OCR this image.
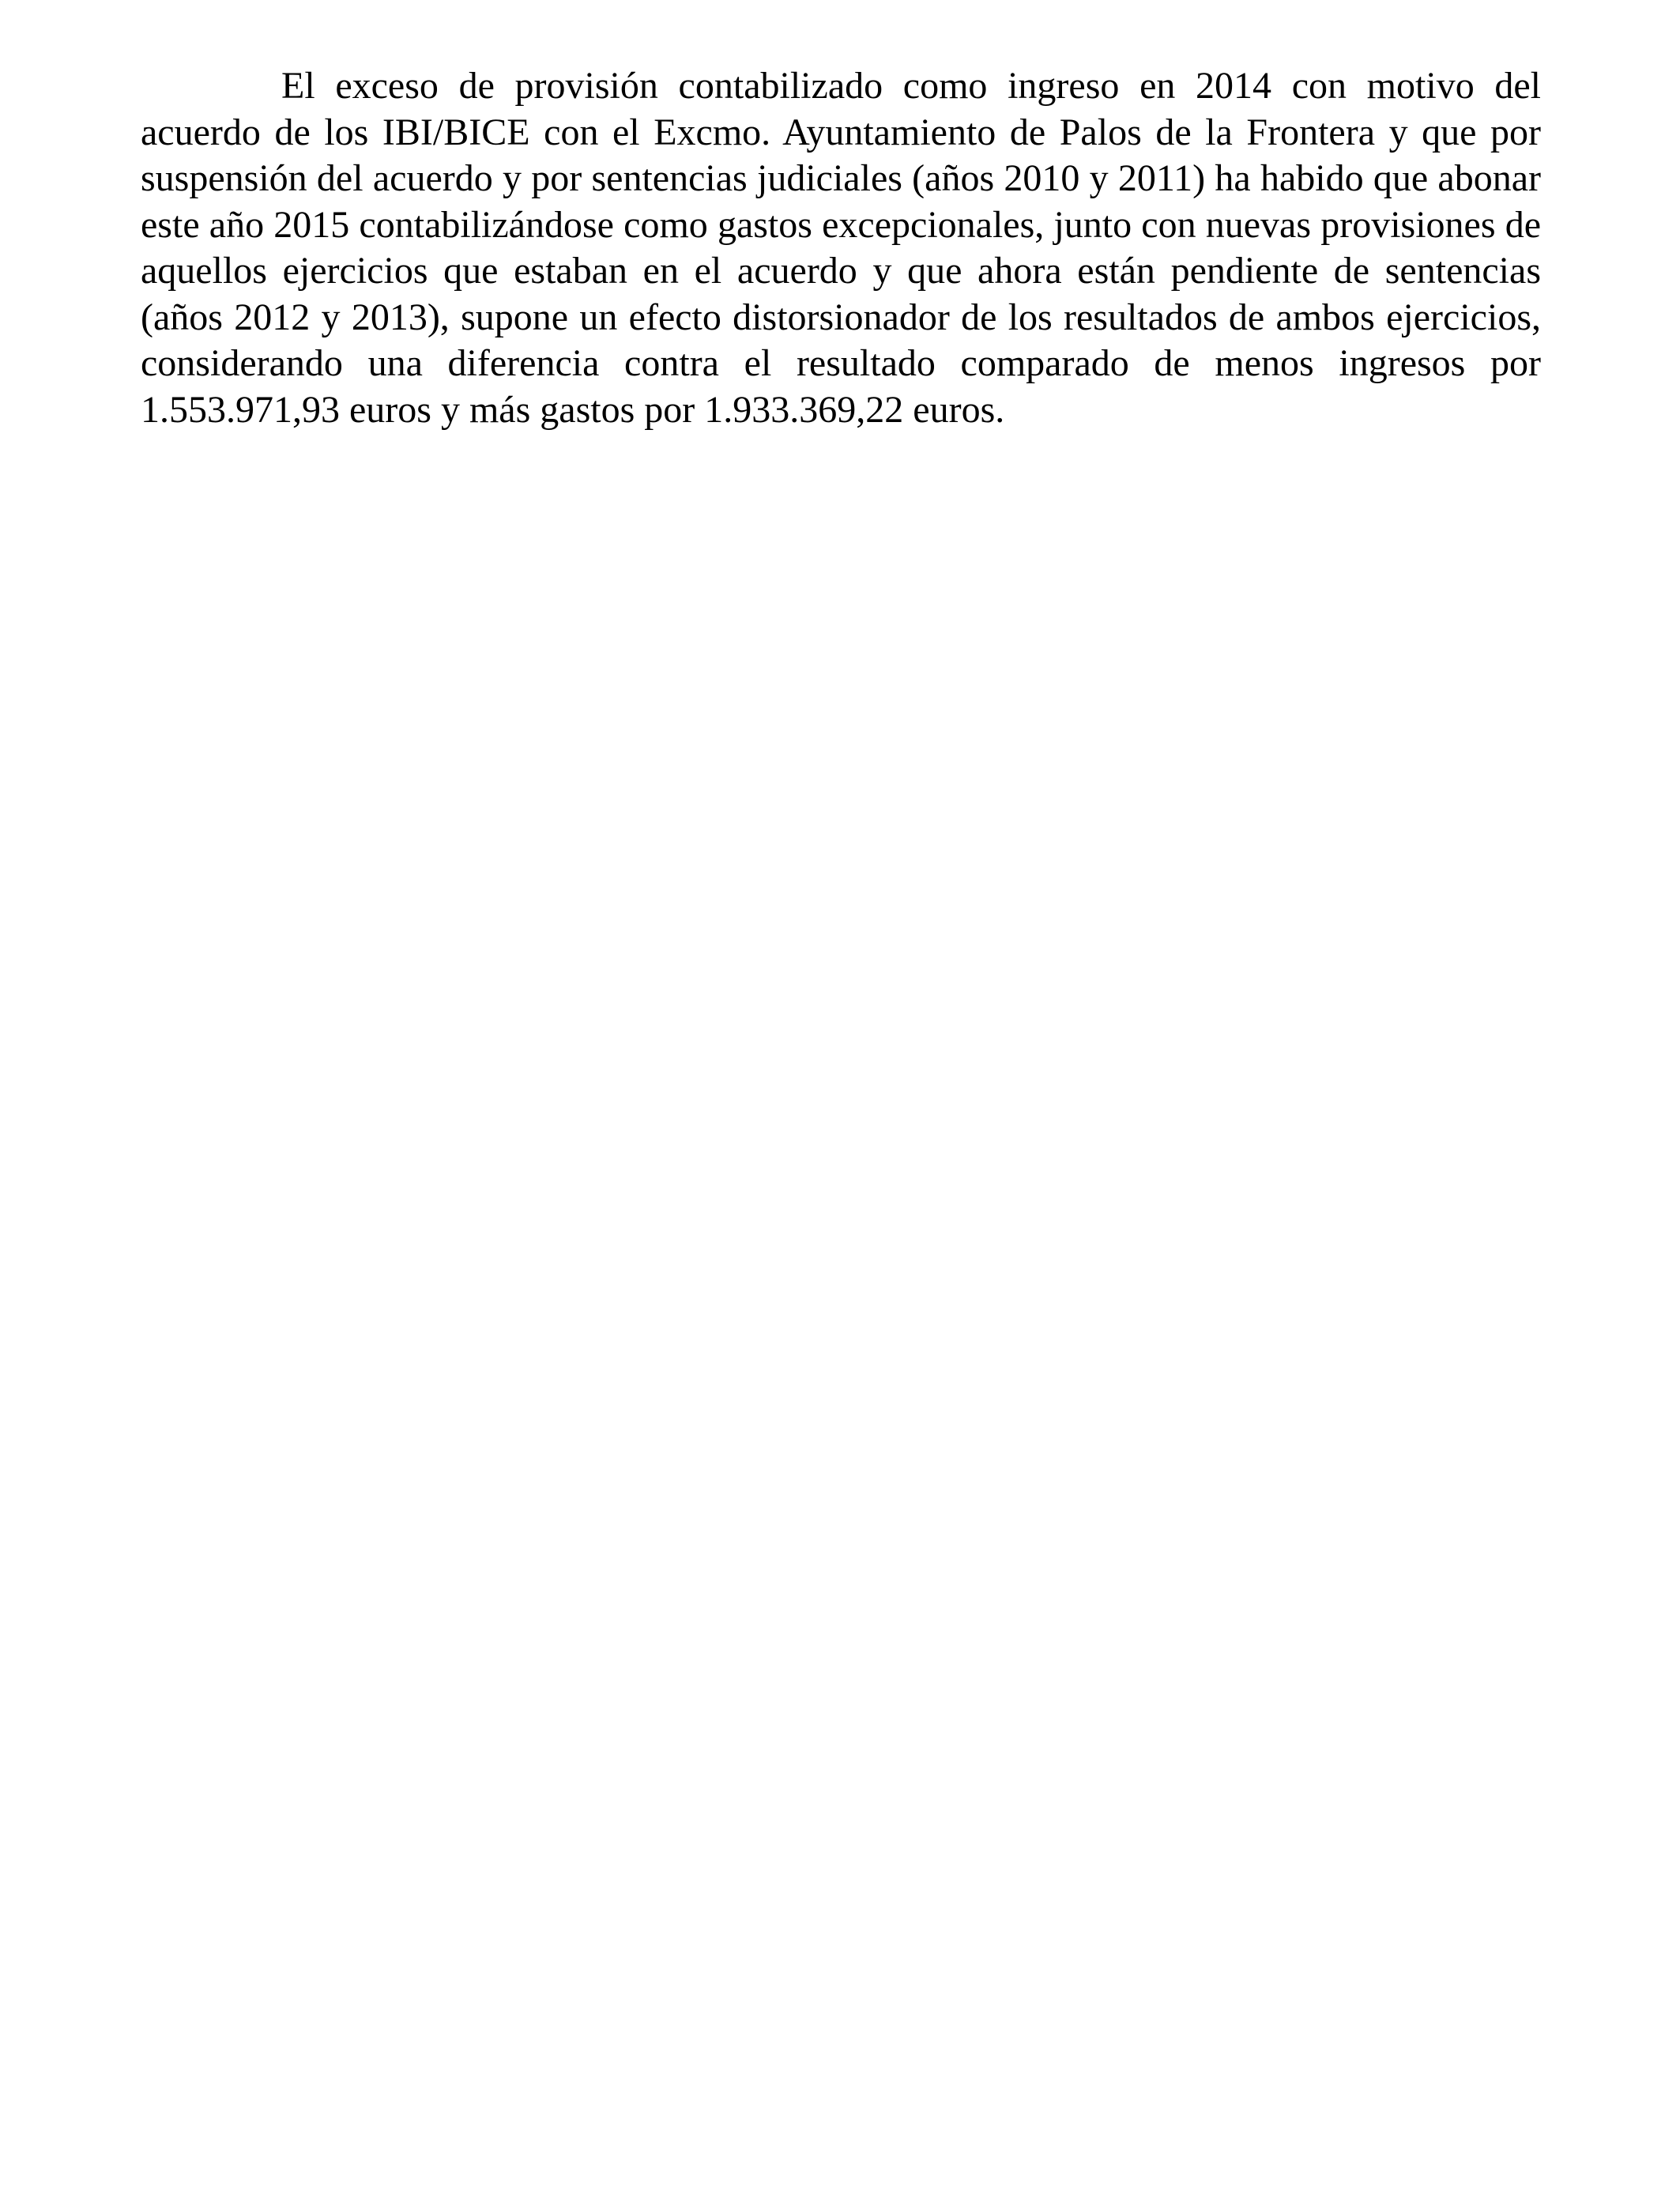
El exceso de provisión contabilizado como ingreso en 2014 con motivo del acuerdo de los IBI/BICE con el Excmo. Ayuntamiento de Palos de la Frontera y que por suspensión del acuerdo y por sentencias judiciales (años 2010 y 2011) ha habido que abonar este año 2015 contabilizándose como gastos excepcionales, junto con nuevas provisiones de aquellos ejercicios que estaban en el acuerdo y que ahora están pendiente de sentencias (años 2012 y 2013), supone un efecto distorsionador de los resultados de ambos ejercicios, considerando una diferencia contra el resultado comparado de menos ingresos por 1.553.971,93 euros y más gastos por 1.933.369,22 euros.
